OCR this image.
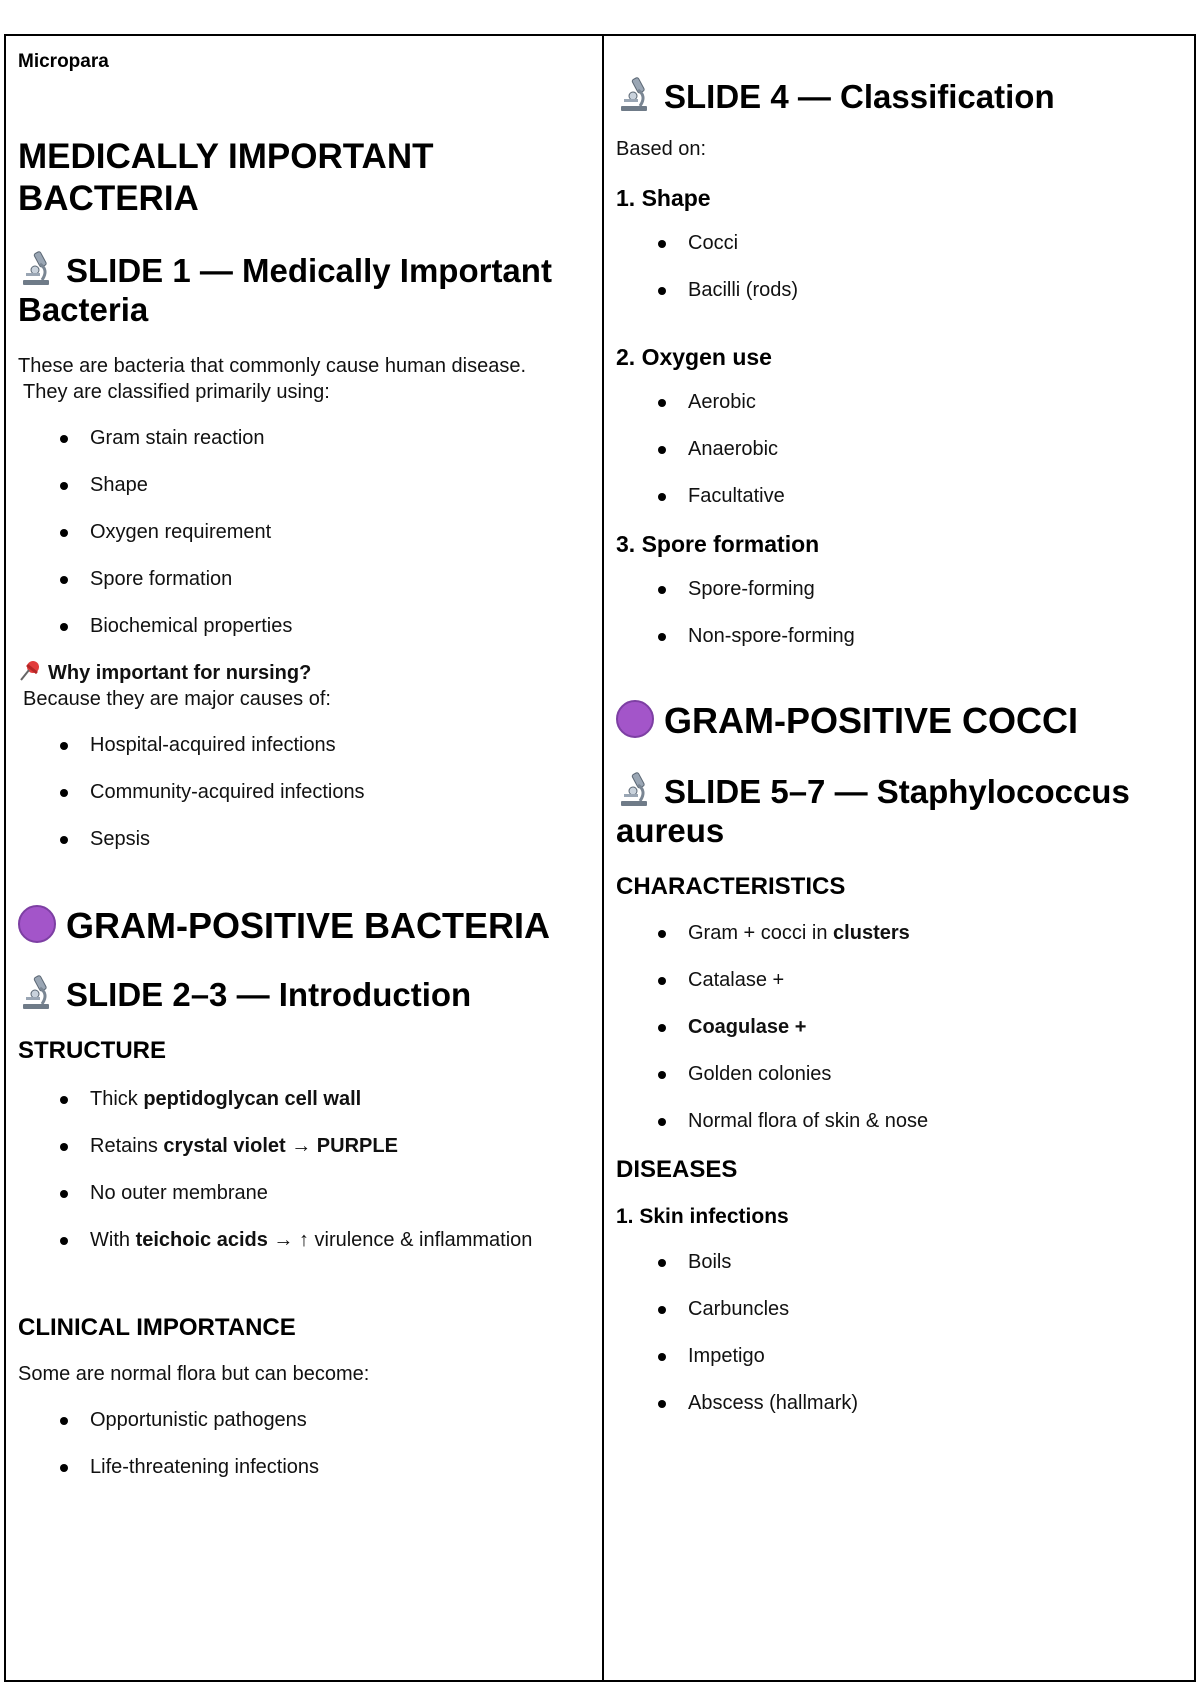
Micropara

MEDICALLY IMPORTANT BACTERIA
SLIDE 1 — Medically Important Bacteria

These are bacteria that commonly cause human disease.

They are classified primarily using:

Gram stain reaction
Shape
Oxygen requirement
Spore formation
Biochemical properties

Why important for nursing?

Because they are major causes of:

Hospital-acquired infections
Community-acquired infections
Sepsis
GRAM-POSITIVE BACTERIA
SLIDE 2–3 — Introduction
STRUCTURE
Thick peptidoglycan cell wall
Retains crystal violet → PURPLE
No outer membrane
With teichoic acids → ↑ virulence & inflammation
CLINICAL IMPORTANCE

Some are normal flora but can become:

Opportunistic pathogens
Life-threatening infections
SLIDE 4 — Classification

Based on:

1. Shape
Cocci
Bacilli (rods)
2. Oxygen use
Aerobic
Anaerobic
Facultative
3. Spore formation
Spore-forming
Non-spore-forming
GRAM-POSITIVE COCCI
SLIDE 5–7 — Staphylococcus aureus
CHARACTERISTICS
Gram + cocci in clusters
Catalase +
Coagulase +
Golden colonies
Normal flora of skin & nose
DISEASES
1. Skin infections
Boils
Carbuncles
Impetigo
Abscess (hallmark)
